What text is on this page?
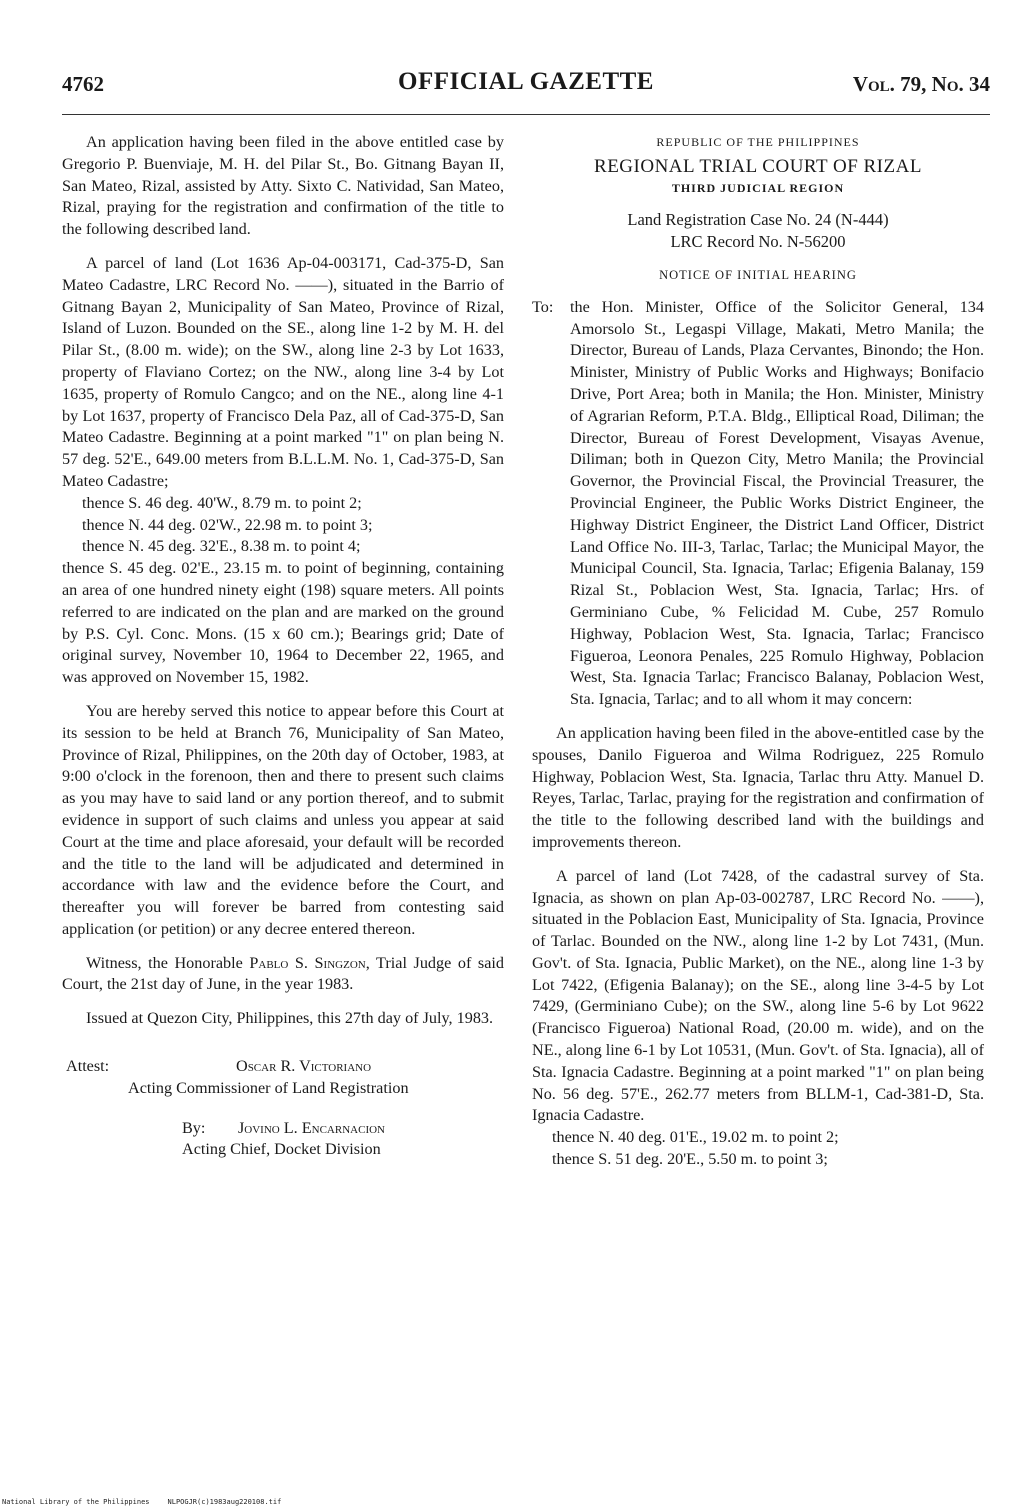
4762	OFFICIAL GAZETTE	Vol. 79, No. 34

An application having been filed in the above entitled case by Gregorio P. Buenviaje, M. H. del Pilar St., Bo. Gitnang Bayan II, San Mateo, Rizal, assisted by Atty. Sixto C. Natividad, San Mateo, Rizal, praying for the registration and confirmation of the title to the following described land.

A parcel of land (Lot 1636 Ap-04-003171, Cad-375-D, San Mateo Cadastre, LRC Record No. ——), situated in the Barrio of Gitnang Bayan 2, Municipality of San Mateo, Province of Rizal, Island of Luzon. Bounded on the SE., along line 1-2 by M. H. del Pilar St., (8.00 m. wide); on the SW., along line 2-3 by Lot 1633, property of Flaviano Cortez; on the NW., along line 3-4 by Lot 1635, property of Romulo Cangco; and on the NE., along line 4-1 by Lot 1637, property of Francisco Dela Paz, all of Cad-375-D, San Mateo Cadastre. Beginning at a point marked "1" on plan being N. 57 deg. 52'E., 649.00 meters from B.L.L.M. No. 1, Cad-375-D, San Mateo Cadastre;

thence S. 46 deg. 40'W., 8.79 m. to point 2;

thence N. 44 deg. 02'W., 22.98 m. to point 3;

thence N. 45 deg. 32'E., 8.38 m. to point 4;

thence S. 45 deg. 02'E., 23.15 m. to point of beginning, containing an area of one hundred ninety eight (198) square meters. All points referred to are indicated on the plan and are marked on the ground by P.S. Cyl. Conc. Mons. (15 x 60 cm.); Bearings grid; Date of original survey, November 10, 1964 to December 22, 1965, and was approved on November 15, 1982.

You are hereby served this notice to appear before this Court at its session to be held at Branch 76, Municipality of San Mateo, Province of Rizal, Philippines, on the 20th day of October, 1983, at 9:00 o'clock in the forenoon, then and there to present such claims as you may have to said land or any portion thereof, and to submit evidence in support of such claims and unless you appear at said Court at the time and place aforesaid, your default will be recorded and the title to the land will be adjudicated and determined in accordance with law and the evidence before the Court, and thereafter you will forever be barred from contesting said application (or petition) or any decree entered thereon.

Witness, the Honorable Pablo S. Singzon, Trial Judge of said Court, the 21st day of June, in the year 1983.

Issued at Quezon City, Philippines, this 27th day of July, 1983.

Attest:	Oscar R. Victoriano
Acting Commissioner of Land Registration
By:	Jovino L. Encarnacion
Acting Chief, Docket Division
REPUBLIC OF THE PHILIPPINES
REGIONAL TRIAL COURT OF RIZAL
THIRD JUDICIAL REGION
Land Registration Case No. 24 (N-444)
LRC Record No. N-56200
NOTICE OF INITIAL HEARING
To:	the Hon. Minister, Office of the Solicitor General, 134 Amorsolo St., Legaspi Village, Makati, Metro Manila; the Director, Bureau of Lands, Plaza Cervantes, Binondo; the Hon. Minister, Ministry of Public Works and Highways; Bonifacio Drive, Port Area; both in Manila; the Hon. Minister, Ministry of Agrarian Reform, P.T.A. Bldg., Elliptical Road, Diliman; the Director, Bureau of Forest Development, Visayas Avenue, Diliman; both in Quezon City, Metro Manila; the Provincial Governor, the Provincial Fiscal, the Provincial Treasurer, the Provincial Engineer, the Public Works District Engineer, the Highway District Engineer, the District Land Officer, District Land Office No. III-3, Tarlac, Tarlac; the Municipal Mayor, the Municipal Council, Sta. Ignacia, Tarlac; Efigenia Balanay, 159 Rizal St., Poblacion West, Sta. Ignacia, Tarlac; Hrs. of Germiniano Cube, % Felicidad M. Cube, 257 Romulo Highway, Poblacion West, Sta. Ignacia, Tarlac; Francisco Figueroa, Leonora Penales, 225 Romulo Highway, Poblacion West, Sta. Ignacia Tarlac; Francisco Balanay, Poblacion West, Sta. Ignacia, Tarlac; and to all whom it may concern:

An application having been filed in the above-entitled case by the spouses, Danilo Figueroa and Wilma Rodriguez, 225 Romulo Highway, Poblacion West, Sta. Ignacia, Tarlac thru Atty. Manuel D. Reyes, Tarlac, Tarlac, praying for the registration and confirmation of the title to the following described land with the buildings and improvements thereon.

A parcel of land (Lot 7428, of the cadastral survey of Sta. Ignacia, as shown on plan Ap-03-002787, LRC Record No. ——), situated in the Poblacion East, Municipality of Sta. Ignacia, Province of Tarlac. Bounded on the NW., along line 1-2 by Lot 7431, (Mun. Gov't. of Sta. Ignacia, Public Market), on the NE., along line 1-3 by Lot 7422, (Efigenia Balanay); on the SE., along line 3-4-5 by Lot 7429, (Germiniano Cube); on the SW., along line 5-6 by Lot 9622 (Francisco Figueroa) National Road, (20.00 m. wide), and on the NE., along line 6-1 by Lot 10531, (Mun. Gov't. of Sta. Ignacia), all of Sta. Ignacia Cadastre. Beginning at a point marked "1" on plan being No. 56 deg. 57'E., 262.77 meters from BLLM-1, Cad-381-D, Sta. Ignacia Cadastre.

thence N. 40 deg. 01'E., 19.02 m. to point 2;

thence S. 51 deg. 20'E., 5.50 m. to point 3;

National Library of the Philippines	NLPOGJR(c)1983aug220108.tif
